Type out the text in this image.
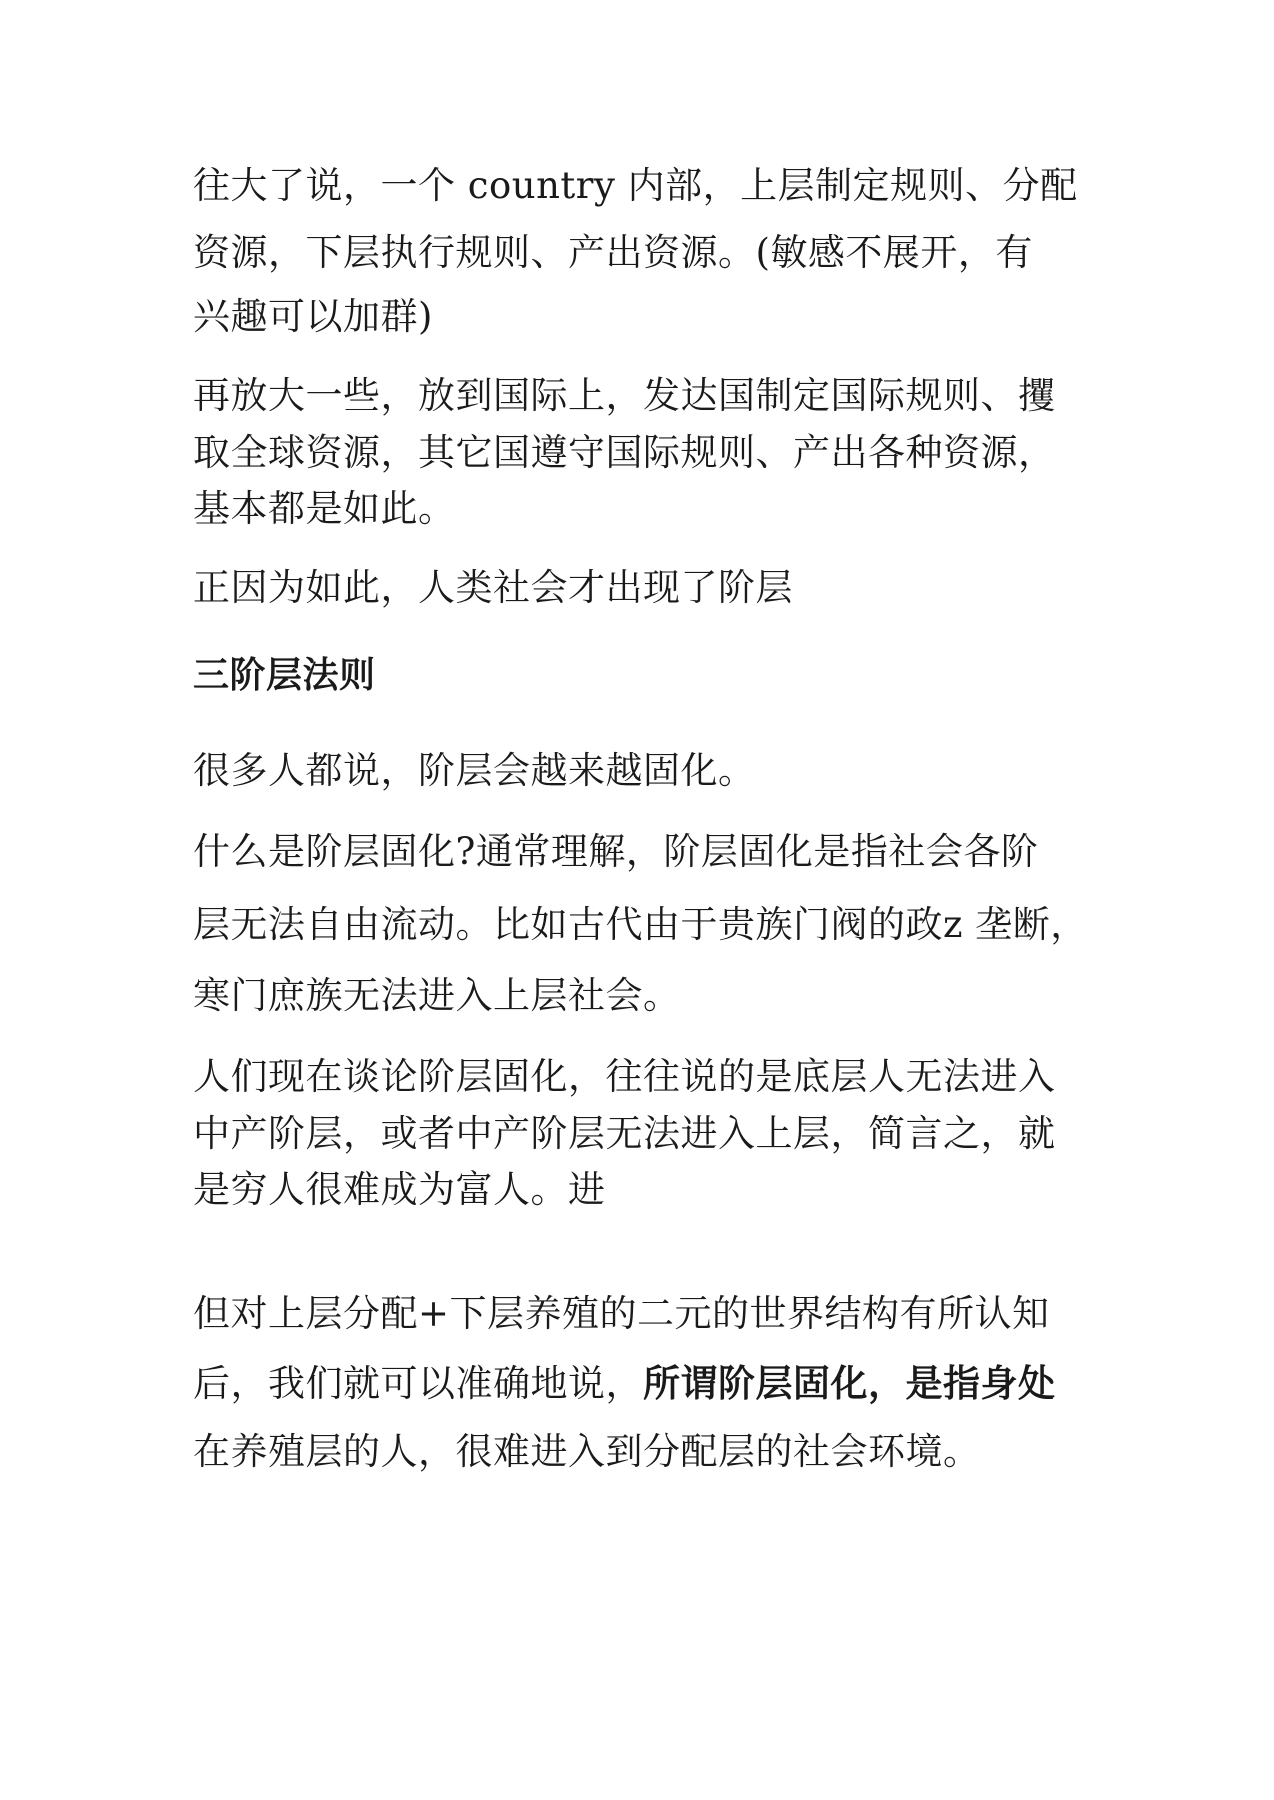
往大了说，一个 country 内部，上层制定规则、分配
资源，下层执行规则、产出资源。(敏感不展开，有
兴趣可以加群)
再放大一些，放到国际上，发达国制定国际规则、攫
取全球资源，其它国遵守国际规则、产出各种资源，
基本都是如此。
正因为如此，人类社会才出现了阶层
三阶层法则
很多人都说，阶层会越来越固化。
什么是阶层固化?通常理解，阶层固化是指社会各阶
层无法自由流动。比如古代由于贵族门阀的政z 垄断，
寒门庶族无法进入上层社会。
人们现在谈论阶层固化，往往说的是底层人无法进入
中产阶层，或者中产阶层无法进入上层，简言之，就
是穷人很难成为富人。进
但对上层分配+下层养殖的二元的世界结构有所认知
后，我们就可以准确地说，所谓阶层固化，是指身处
在养殖层的人，很难进入到分配层的社会环境。
